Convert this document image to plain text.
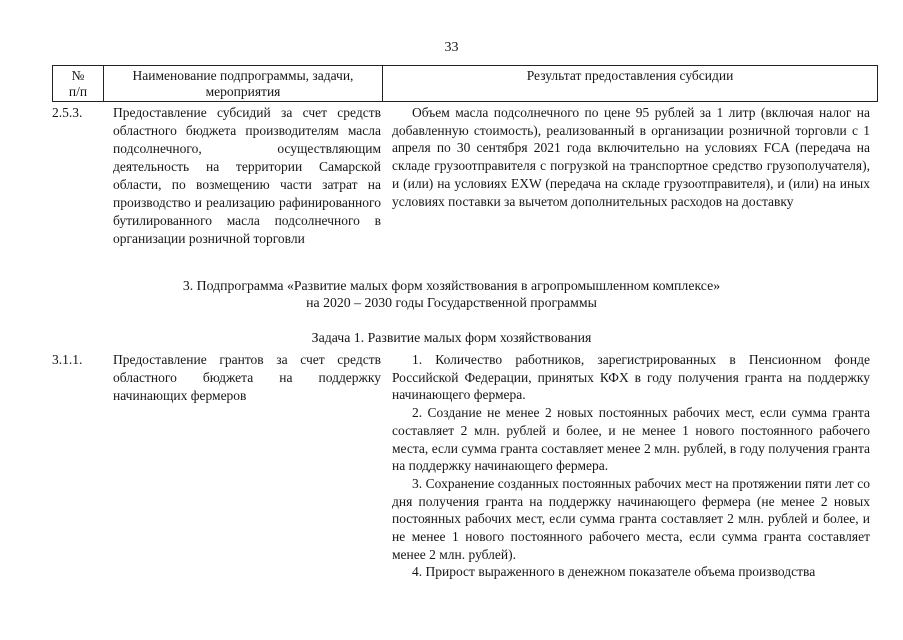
33
№
п/п
Наименование подпрограммы, задачи, мероприятия
Результат предоставления субсидии
2.5.3. Предоставление субсидий за счет средств областного бюджета производителям масла подсолнечного, осуществляющим деятельность на территории Самарской области, по возмещению части затрат на производство и реализацию рафинированного бутилированного масла подсолнечного в организации розничной торговли

Объем масла подсолнечного по цене 95 рублей за 1 литр (включая налог на добавленную стоимость), реализованный в организации розничной торговли с 1 апреля по 30 сентября 2021 года включительно на условиях FCA (передача на складе грузоотправителя с погрузкой на транспортное средство грузополучателя), и (или) на условиях EXW (передача на складе грузоотправителя), и (или) на иных условиях поставки за вычетом дополнительных расходов на доставку

3. Подпрограмма «Развитие малых форм хозяйствования в агропромышленном комплексе»
на 2020 – 2030 годы Государственной программы
Задача 1. Развитие малых форм хозяйствования
3.1.1. Предоставление грантов за счет средств областного бюджета на поддержку начинающих фермеров

1. Количество работников, зарегистрированных в Пенсионном фонде Российской Федерации, принятых КФХ в году получения гранта на поддержку начинающего фермера.

2. Создание не менее 2 новых постоянных рабочих мест, если сумма гранта составляет 2 млн. рублей и более, и не менее 1 нового постоянного рабочего места, если сумма гранта составляет менее 2 млн. рублей, в году получения гранта на поддержку начинающего фермера.

3. Сохранение созданных постоянных рабочих мест на протяжении пяти лет со дня получения гранта на поддержку начинающего фермера (не менее 2 новых постоянных рабочих мест, если сумма гранта составляет 2 млн. рублей и более, и не менее 1 нового постоянного рабочего места, если сумма гранта составляет менее 2 млн. рублей).

4. Прирост выраженного в денежном показателе объема производства
